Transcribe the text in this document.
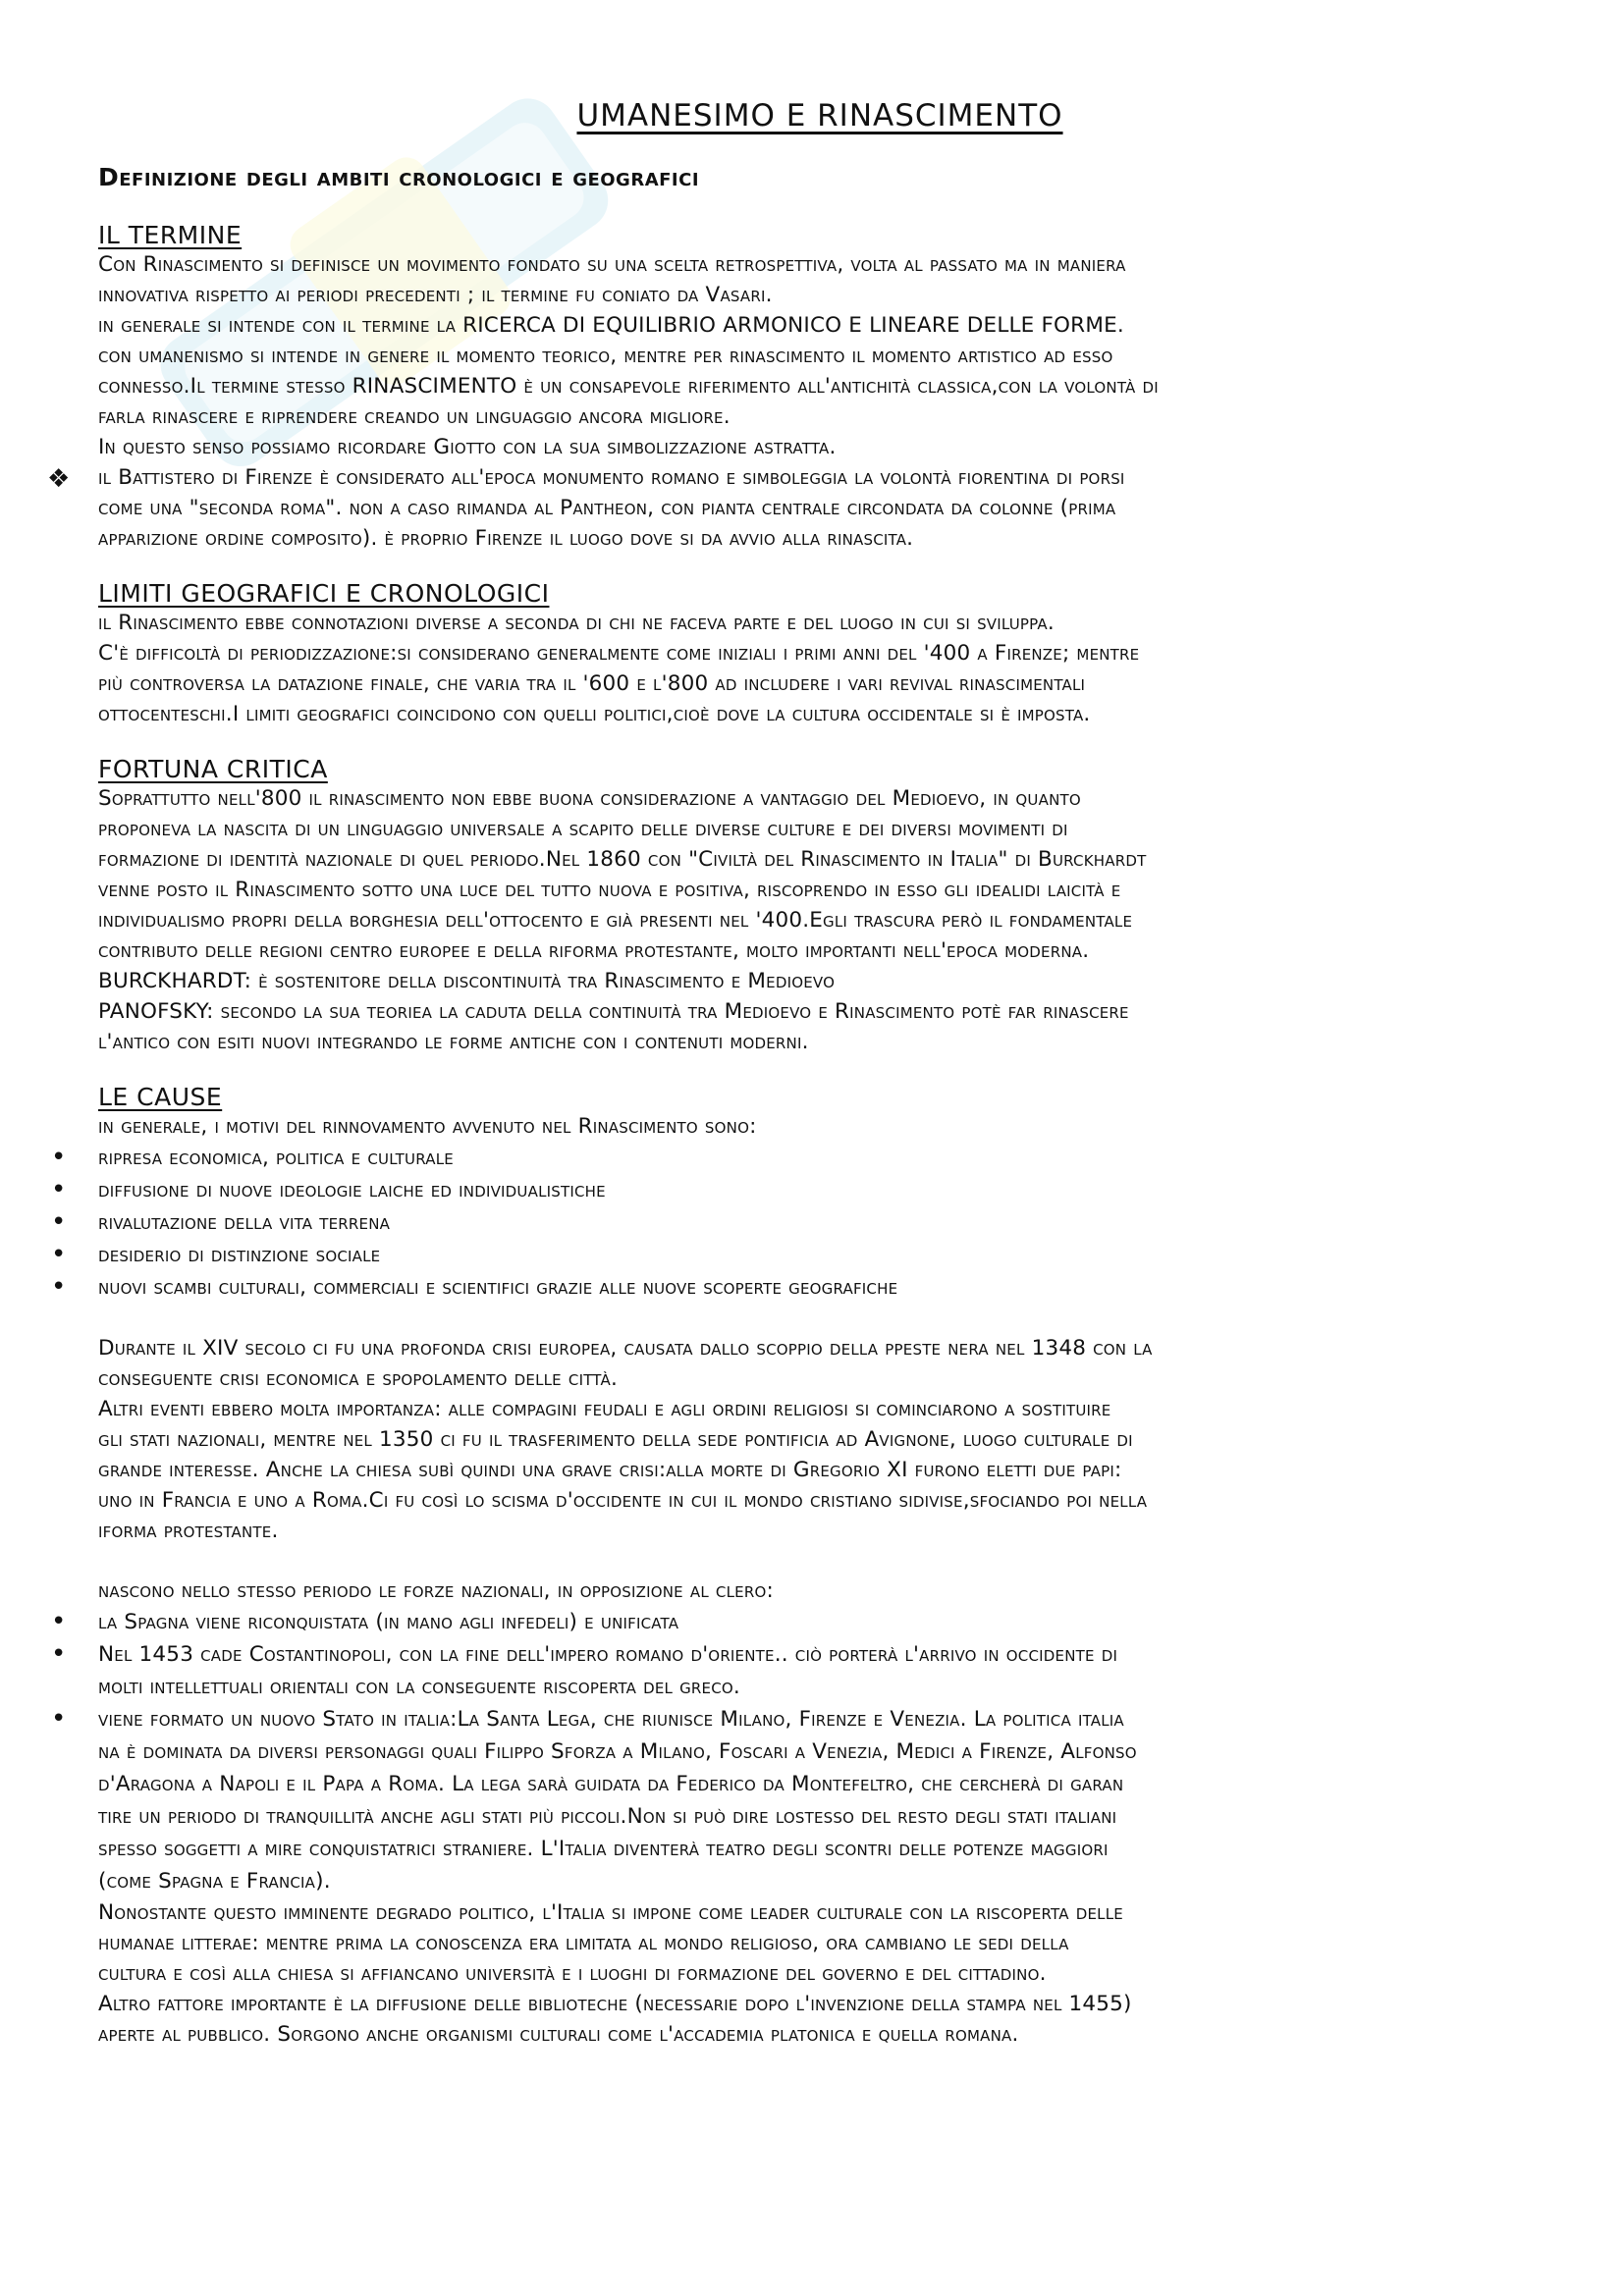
UMANESIMO E RINASCIMENTO
Definizione degli ambiti cronologici e geografici
IL TERMINE

Con Rinascimento si definisce un movimento fondato su una scelta retrospettiva, volta al passato ma in maniera

innovativa rispetto ai periodi precedenti ; il termine fu coniato da Vasari.

in generale si intende con il termine la RICERCA DI EQUILIBRIO ARMONICO E LINEARE DELLE FORME.

con umanenismo si intende in genere il momento teorico, mentre per rinascimento il momento artistico ad esso

connesso.Il termine stesso RINASCIMENTO è un consapevole riferimento all'antichità classica,con la volontà di

farla rinascere e riprendere creando un linguaggio ancora migliore.

In questo senso possiamo ricordare Giotto con la sua simbolizzazione astratta.

❖ il Battistero di Firenze è considerato all'epoca monumento romano e simboleggia la volontà fiorentina di porsi

come una "seconda roma". non a caso rimanda al Pantheon, con pianta centrale circondata da colonne (prima

apparizione ordine composito). è proprio Firenze il luogo dove si da avvio alla rinascita.

LIMITI GEOGRAFICI E CRONOLOGICI

il Rinascimento ebbe connotazioni diverse a seconda di chi ne faceva parte e del luogo in cui si sviluppa.

C'è difficoltà di periodizzazione:si considerano generalmente come iniziali i primi anni del '400 a Firenze; mentre

più controversa la datazione finale, che varia tra il '600 e l'800 ad includere i vari revival rinascimentali

ottocenteschi.I limiti geografici coincidono con quelli politici,cioè dove la cultura occidentale si è imposta.

FORTUNA CRITICA

Soprattutto nell'800 il rinascimento non ebbe buona considerazione a vantaggio del Medioevo, in quanto

proponeva la nascita di un linguaggio universale a scapito delle diverse culture e dei diversi movimenti di

formazione di identità nazionale di quel periodo.Nel 1860 con "Civiltà del Rinascimento in Italia" di Burckhardt

venne posto il Rinascimento sotto una luce del tutto nuova e positiva, riscoprendo in esso gli idealidi laicità e

individualismo propri della borghesia dell'ottocento e già presenti nel '400.Egli trascura però il fondamentale

contributo delle regioni centro europee e della riforma protestante, molto importanti nell'epoca moderna.

BURCKHARDT: è sostenitore della discontinuità tra Rinascimento e Medioevo

PANOFSKY: secondo la sua teoriea la caduta della continuità tra Medioevo e Rinascimento potè far rinascere

l'antico con esiti nuovi integrando le forme antiche con i contenuti moderni.

LE CAUSE

in generale, i motivi del rinnovamento avvenuto nel Rinascimento sono:

• ripresa economica, politica e culturale
• diffusione di nuove ideologie laiche ed individualistiche
• rivalutazione della vita terrena
• desiderio di distinzione sociale
• nuovi scambi culturali, commerciali e scientifici grazie alle nuove scoperte geografiche

Durante il XIV secolo ci fu una profonda crisi europea, causata dallo scoppio della ppeste nera nel 1348 con la

conseguente crisi economica e spopolamento delle città.

Altri eventi ebbero molta importanza: alle compagini feudali e agli ordini religiosi si cominciarono a sostituire

gli stati nazionali, mentre nel 1350 ci fu il trasferimento della sede pontificia ad Avignone, luogo culturale di

grande interesse. Anche la chiesa subì quindi una grave crisi:alla morte di Gregorio XI furono eletti due papi:

uno in Francia e uno a Roma.Ci fu così lo scisma d'occidente in cui il mondo cristiano sidivise,sfociando poi nella

iforma protestante.

nascono nello stesso periodo le forze nazionali, in opposizione al clero:

• la Spagna viene riconquistata (in mano agli infedeli) e unificata
• Nel 1453 cade Costantinopoli, con la fine dell'impero romano d'oriente.. ciò porterà l'arrivo in occidente di
molti intellettuali orientali con la conseguente riscoperta del greco.
• viene formato un nuovo Stato in italia:La Santa Lega, che riunisce Milano, Firenze e Venezia. La politica italia
na è dominata da diversi personaggi quali Filippo Sforza a Milano, Foscari a Venezia, Medici a Firenze, Alfonso
d'Aragona a Napoli e il Papa a Roma. La lega sarà guidata da Federico da Montefeltro, che cercherà di garan
tire un periodo di tranquillità anche agli stati più piccoli.Non si può dire lostesso del resto degli stati italiani
spesso soggetti a mire conquistatrici straniere. L'Italia diventerà teatro degli scontri delle potenze maggiori
(come Spagna e Francia).

Nonostante questo imminente degrado politico, l'Italia si impone come leader culturale con la riscoperta delle

humanae litterae: mentre prima la conoscenza era limitata al mondo religioso, ora cambiano le sedi della

cultura e così alla chiesa si affiancano università e i luoghi di formazione del governo e del cittadino.

Altro fattore importante è la diffusione delle biblioteche (necessarie dopo l'invenzione della stampa nel 1455)

aperte al pubblico. Sorgono anche organismi culturali come l'accademia platonica e quella romana.
